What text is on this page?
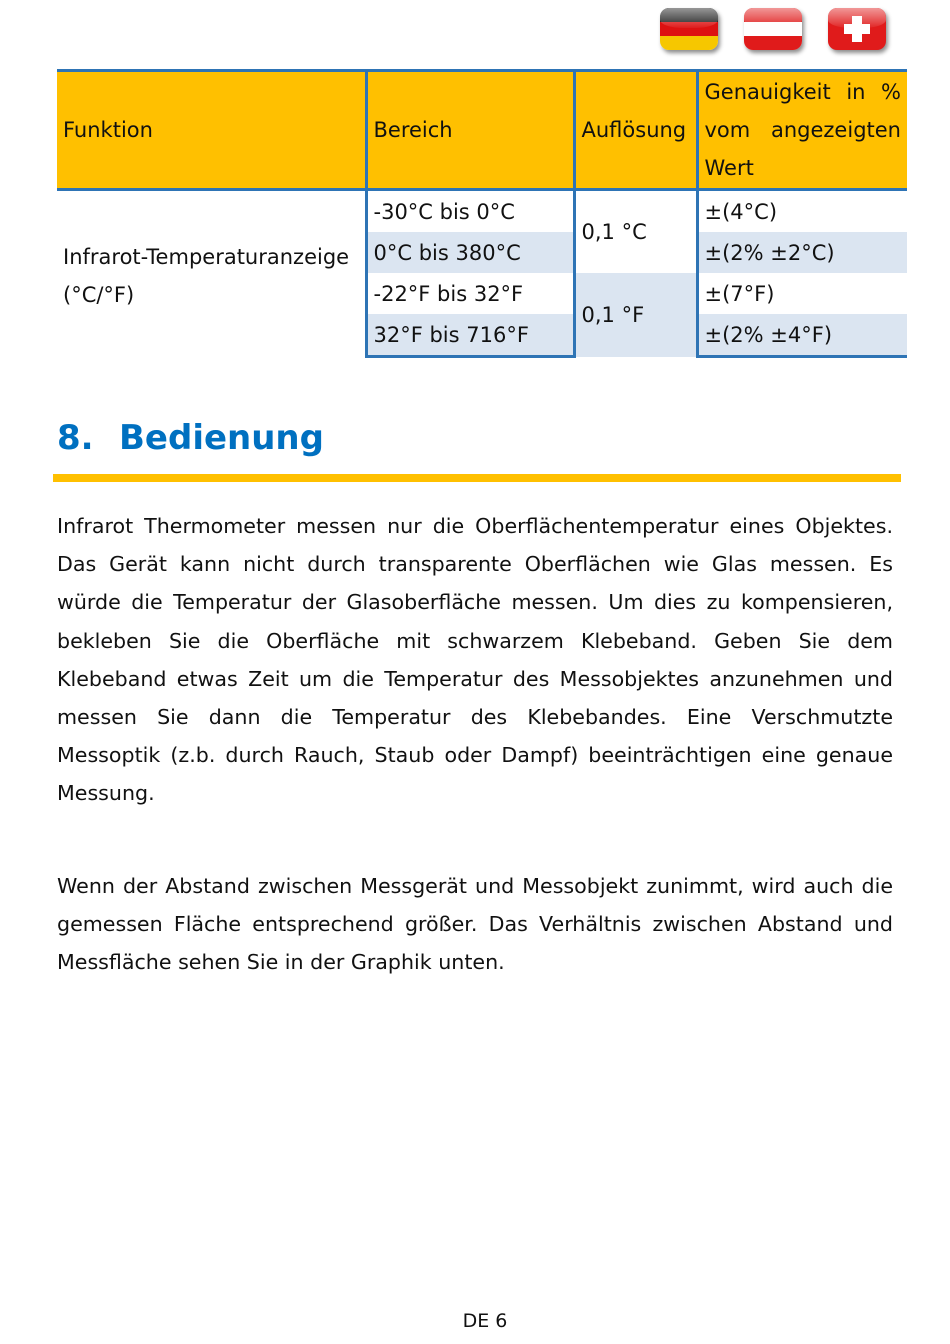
Funktion	Bereich	Auflösung	Genauigkeit in % vom angezeigten Wert
Infrarot-Temperaturanzeige (°C/°F)	-30°C bis 0°C	0,1 °C	±(4°C)
	0°C bis 380°C		±(2% ±2°C)
	-22°F bis 32°F	0,1 °F	±(7°F)
	32°F bis 716°F		±(2% ±4°F)
8. Bedienung

Infrarot Thermometer messen nur die Oberflächentemperatur eines Objektes. Das Gerät kann nicht durch transparente Oberflächen wie Glas messen. Es würde die Temperatur der Glasoberfläche messen. Um dies zu kompensieren, bekleben Sie die Oberfläche mit schwarzem Klebeband. Geben Sie dem Klebeband etwas Zeit um die Temperatur des Messobjektes anzunehmen und messen Sie dann die Temperatur des Klebebandes. Eine Verschmutzte Messoptik (z.b. durch Rauch, Staub oder Dampf) beeinträchtigen eine genaue Messung.

Wenn der Abstand zwischen Messgerät und Messobjekt zunimmt, wird auch die gemessen Fläche entsprechend größer. Das Verhältnis zwischen Abstand und Messfläche sehen Sie in der Graphik unten.

DE 6
